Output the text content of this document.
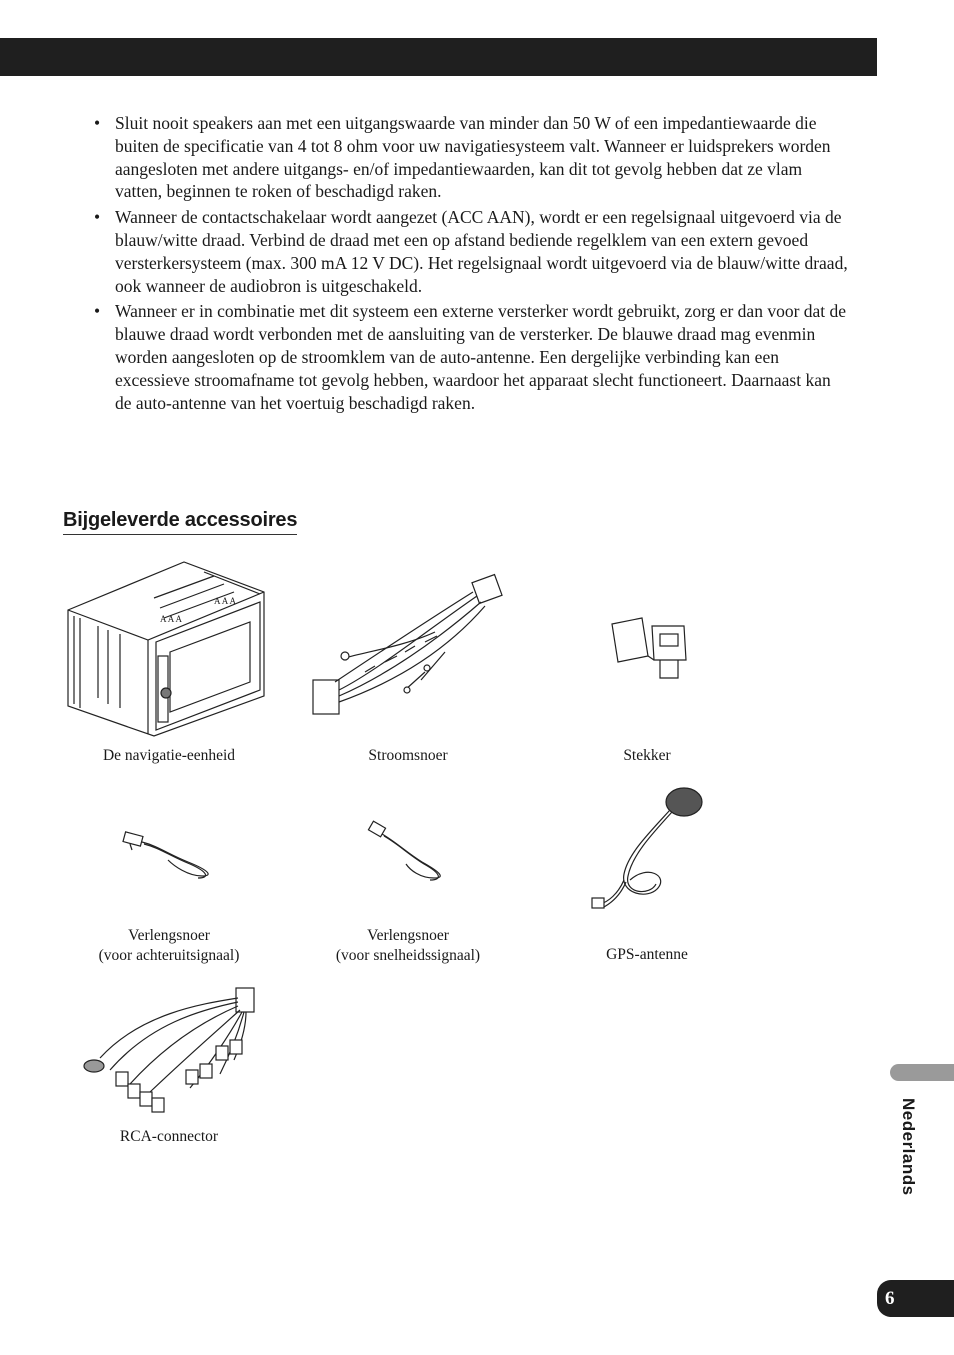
• Sluit nooit speakers aan met een uitgangswaarde van minder dan 50 W of een impedantiewaarde die buiten de specificatie van 4 tot 8 ohm voor uw navigatiesysteem valt. Wanneer er luidsprekers worden aangesloten met andere uitgangs- en/of impedantiewaarden, kan dit tot gevolg hebben dat ze vlam vatten, beginnen te roken of beschadigd raken.
• Wanneer de contactschakelaar wordt aangezet (ACC AAN), wordt er een regelsignaal uitgevoerd via de blauw/witte draad. Verbind de draad met een op afstand bediende regelklem van een extern gevoed versterkersysteem (max. 300 mA 12 V DC). Het regelsignaal wordt uitgevoerd via de blauw/witte draad, ook wanneer de audiobron is uitgeschakeld.
• Wanneer er in combinatie met dit systeem een externe versterker wordt gebruikt, zorg er dan voor dat de blauwe draad wordt verbonden met de aansluiting van de versterker. De blauwe draad mag evenmin worden aangesloten op de stroomklem van de auto-antenne. Een dergelijke verbinding kan een excessieve stroomafname tot gevolg hebben, waardoor het apparaat slecht functioneert. Daarnaast kan de auto-antenne van het voertuig beschadigd raken.
Bijgeleverde accessoires
A A A
A A A
De navigatie-eenheid	Stroomsnoer	Stekker
Verlengsnoer
(voor achteruitsignaal)
Verlengsnoer
(voor snelheidssignaal)	GPS-antenne
RCA-connector	Nederlands
6
